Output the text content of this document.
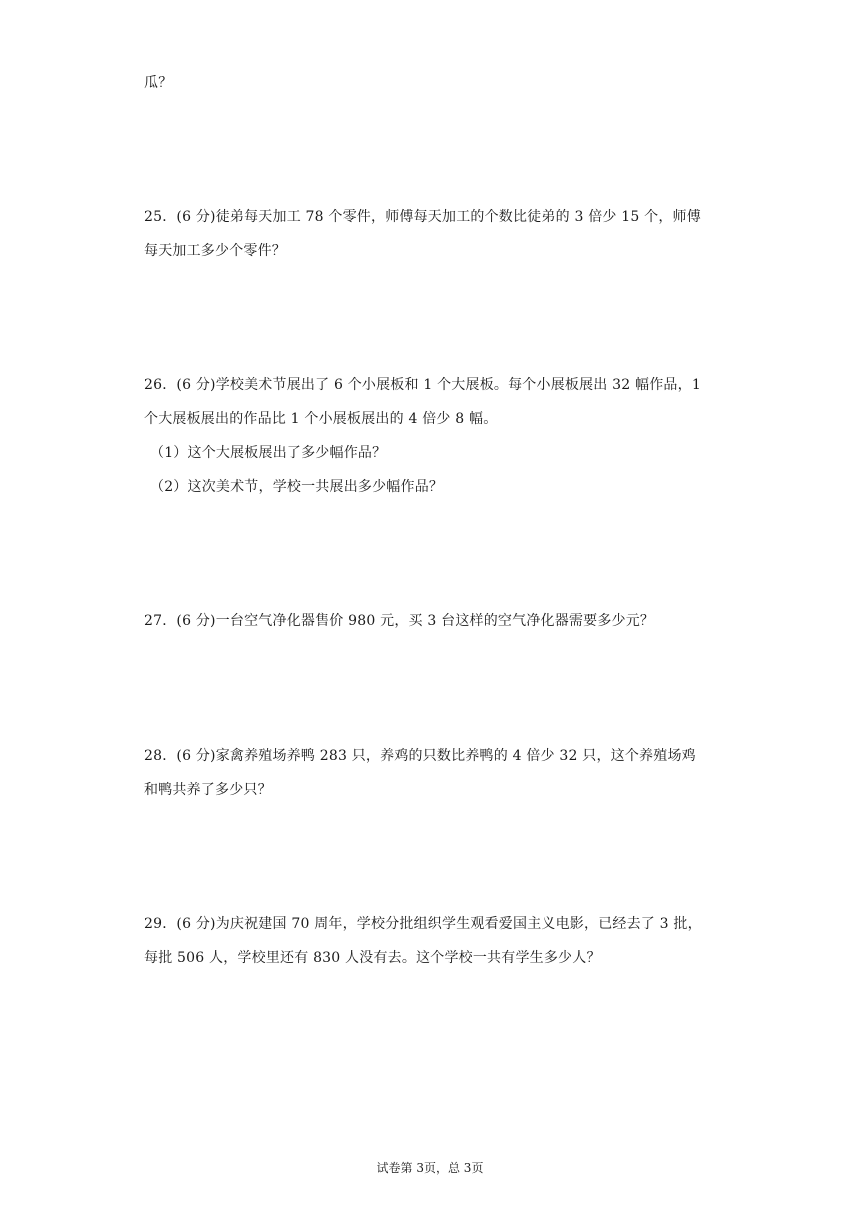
瓜？
25．(6 分)徒弟每天加工 78 个零件，师傅每天加工的个数比徒弟的 3 倍少 15 个，师傅
每天加工多少个零件？
26．(6 分)学校美术节展出了 6 个小展板和 1 个大展板。每个小展板展出 32 幅作品，1
个大展板展出的作品比 1 个小展板展出的 4 倍少 8 幅。
（1）这个大展板展出了多少幅作品？
（2）这次美术节，学校一共展出多少幅作品？
27．(6 分)一台空气净化器售价 980 元，买 3 台这样的空气净化器需要多少元？
28．(6 分)家禽养殖场养鸭 283 只，养鸡的只数比养鸭的 4 倍少 32 只，这个养殖场鸡
和鸭共养了多少只？
29．(6 分)为庆祝建国 70 周年，学校分批组织学生观看爱国主义电影，已经去了 3 批，
每批 506 人，学校里还有 830 人没有去。这个学校一共有学生多少人？
试卷第 3页，总 3页
